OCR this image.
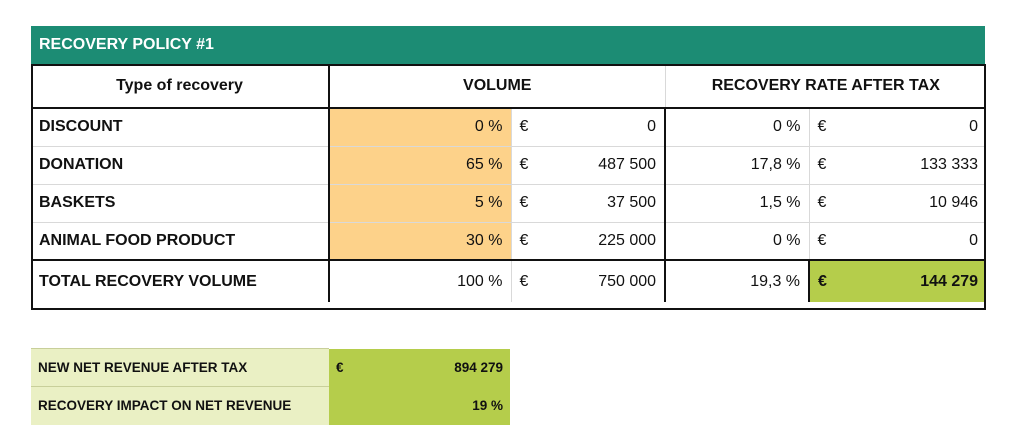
RECOVERY POLICY #1
Type of recovery	VOLUME			RECOVERY RATE AFTER TAX		
DISCOUNT	0 %	€	0	0 %	€	0
DONATION	65 %	€	487 500	17,8 %	€	133 333
BASKETS	5 %	€	37 500	1,5 %	€	10 946
ANIMAL FOOD PRODUCT	30 %	€	225 000	0 %	€	0
TOTAL RECOVERY VOLUME	100 %	€	750 000	19,3 %	€	144 279
NEW NET REVENUE AFTER TAX	€	894 279
RECOVERY IMPACT ON NET REVENUE		19 %
